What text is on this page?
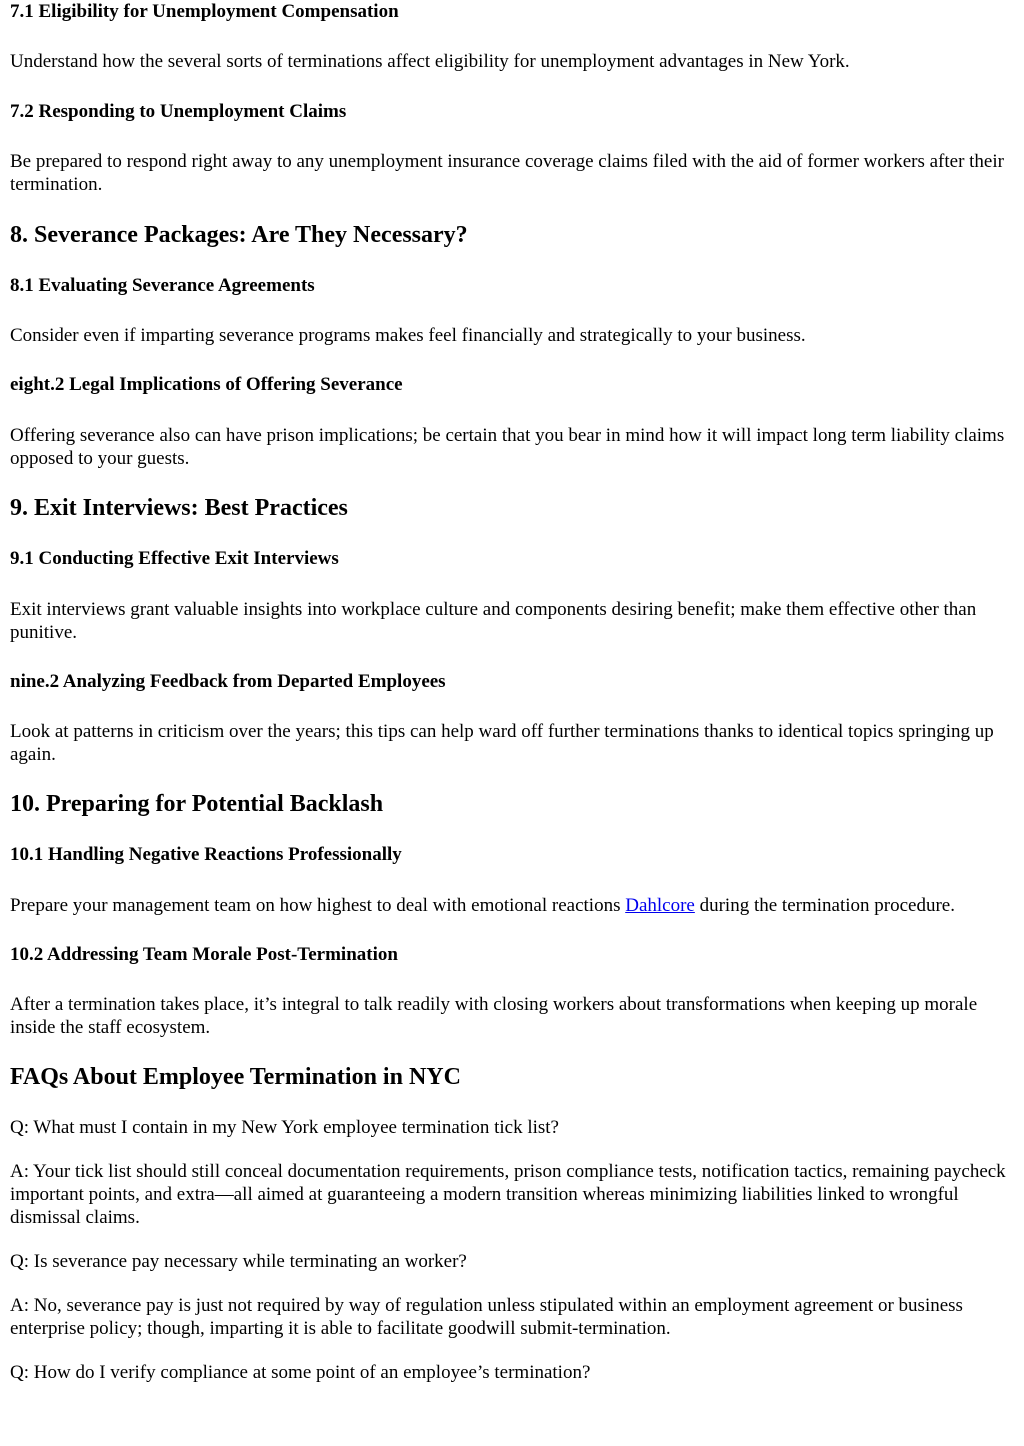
7.1 Eligibility for Unemployment Compensation

Understand how the several sorts of terminations affect eligibility for unemployment advantages in New York.

7.2 Responding to Unemployment Claims

Be prepared to respond right away to any unemployment insurance coverage claims filed with the aid of former workers after their termination.

8. Severance Packages: Are They Necessary?
8.1 Evaluating Severance Agreements

Consider even if imparting severance programs makes feel financially and strategically to your business.

eight.2 Legal Implications of Offering Severance

Offering severance also can have prison implications; be certain that you bear in mind how it will impact long term liability claims opposed to your guests.

9. Exit Interviews: Best Practices
9.1 Conducting Effective Exit Interviews

Exit interviews grant valuable insights into workplace culture and components desiring benefit; make them effective other than punitive.

nine.2 Analyzing Feedback from Departed Employees

Look at patterns in criticism over the years; this tips can help ward off further terminations thanks to identical topics springing up again.

10. Preparing for Potential Backlash
10.1 Handling Negative Reactions Professionally

Prepare your management team on how highest to deal with emotional reactions Dahlcore during the termination procedure.

10.2 Addressing Team Morale Post-Termination

After a termination takes place, it’s integral to talk readily with closing workers about transformations when keeping up morale inside the staff ecosystem.

FAQs About Employee Termination in NYC

Q: What must I contain in my New York employee termination tick list?

A: Your tick list should still conceal documentation requirements, prison compliance tests, notification tactics, remaining paycheck important points, and extra—all aimed at guaranteeing a modern transition whereas minimizing liabilities linked to wrongful dismissal claims.

Q: Is severance pay necessary while terminating an worker?

A: No, severance pay is just not required by way of regulation unless stipulated within an employment agreement or business enterprise policy; though, imparting it is able to facilitate goodwill submit-termination.

Q: How do I verify compliance at some point of an employee’s termination?
